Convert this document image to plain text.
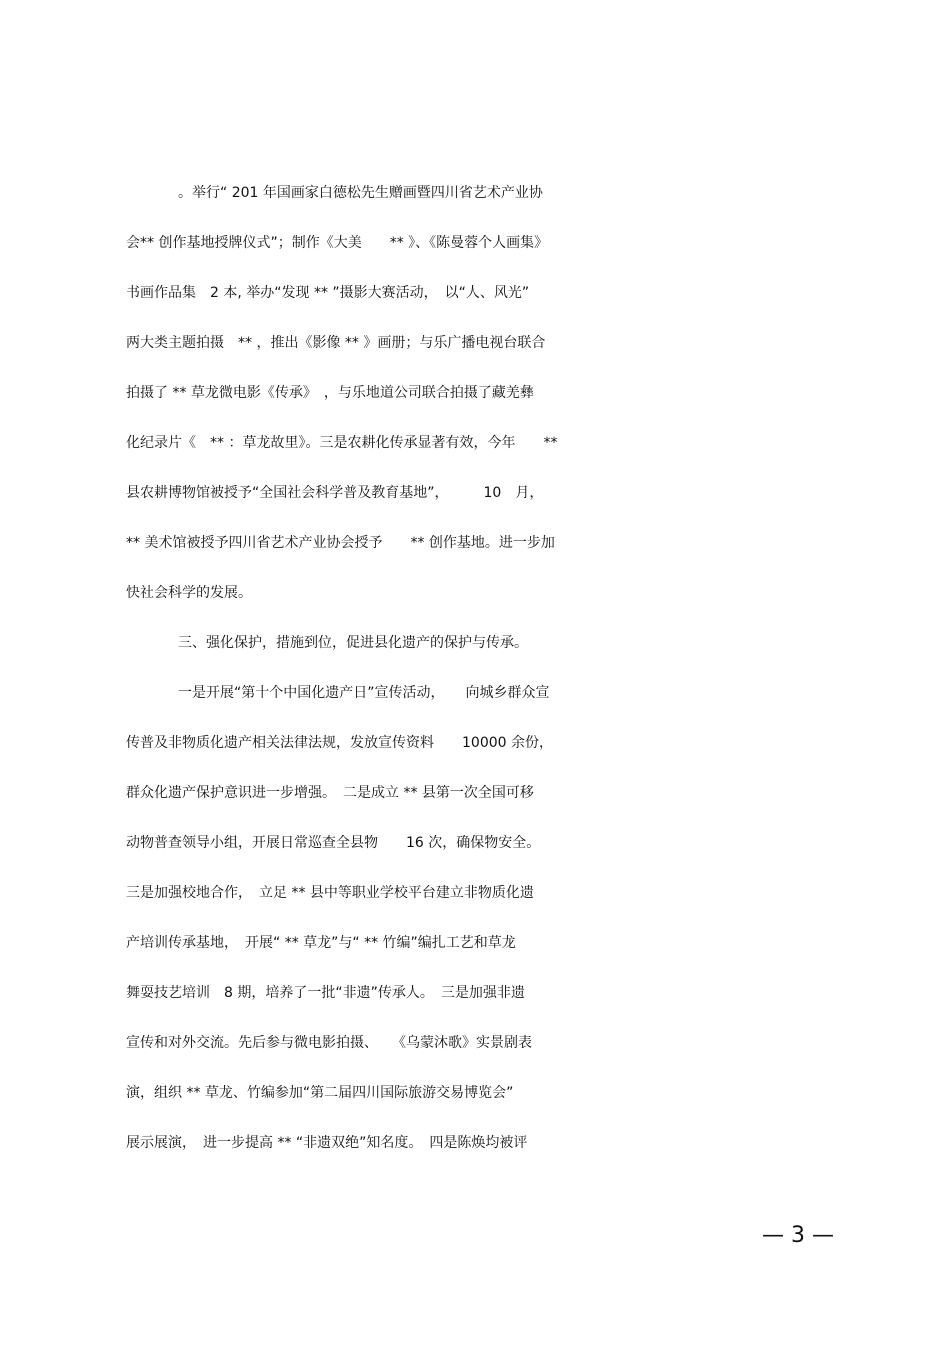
。举行“ 201 年国画家白德松先生赠画暨四川省艺术产业协
会** 创作基地授牌仪式”；制作《大美　　** 》、《陈曼蓉个人画集》
书画作品集　2 本, 举办“发现 ** ”摄影大赛活动，　以“人、风光”
两大类主题拍摄　** ，推出《影像 ** 》画册；与乐广播电视台联合
拍摄了 ** 草龙微电影《传承》　，与乐地道公司联合拍摄了藏羌彝
化纪录片《　** ：草龙故里》。三是农耕化传承显著有效，今年　　**
县农耕博物馆被授予“全国社会科学普及教育基地”，　　　10　月，
** 美术馆被授予四川省艺术产业协会授予　　** 创作基地。进一步加
快社会科学的发展。
三、强化保护，措施到位，促进县化遗产的保护与传承。
一是开展“第十个中国化遗产日”宣传活动，　　向城乡群众宣
传普及非物质化遗产相关法律法规，发放宣传资料　　10000 余份，
群众化遗产保护意识进一步增强。　二是成立 ** 县第一次全国可移
动物普查领导小组，开展日常巡查全县物　　16 次，确保物安全。
三是加强校地合作，　立足 ** 县中等职业学校平台建立非物质化遗
产培训传承基地，　开展“ ** 草龙”与“ ** 竹编”编扎工艺和草龙
舞耍技艺培训　8 期，培养了一批“非遗”传承人。　三是加强非遗
宣传和对外交流。先后参与微电影拍摄、　　《乌蒙沐歌》实景剧表
演，组织 ** 草龙、竹编参加“第二届四川国际旅游交易博览会”
展示展演，　进一步提高 ** “非遗双绝”知名度。　四是陈焕均被评
— 3 —
